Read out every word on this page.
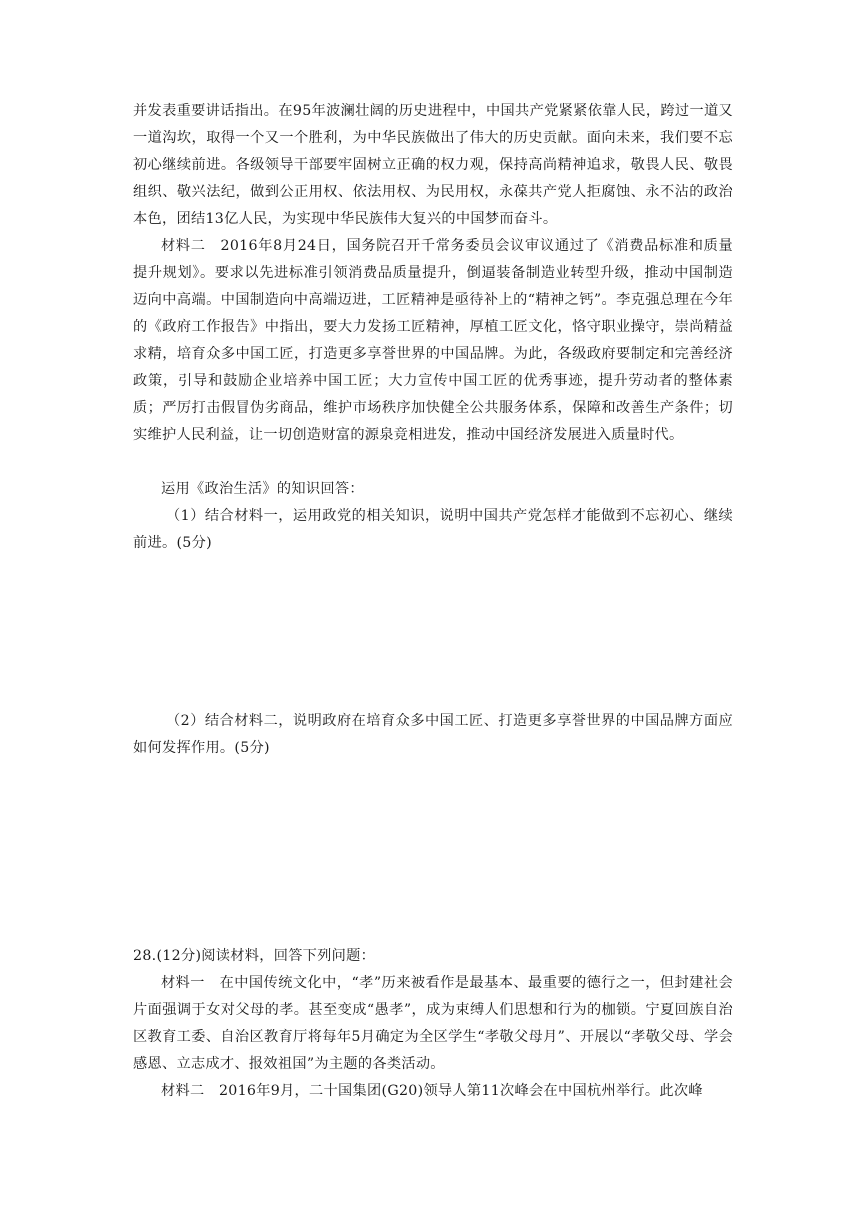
并发表重要讲话指出。在95年波澜壮阔的历史进程中，中国共产党紧紧依靠人民，跨过一道又一道沟坎，取得一个又一个胜利，为中华民族做出了伟大的历史贡献。面向未来，我们要不忘初心继续前进。各级领导干部要牢固树立正确的权力观，保持高尚精神追求，敬畏人民、敬畏组织、敬兴法纪，做到公正用权、依法用权、为民用权，永葆共产党人拒腐蚀、永不沾的政治本色，团结13亿人民，为实现中华民族伟大复兴的中国梦而奋斗。

材料二　2016年8月24日，国务院召开千常务委员会议审议通过了《消费品标准和质量提升规划》。要求以先进标准引领消费品质量提升，倒逼装备制造业转型升级，推动中国制造迈向中高端。中国制造向中高端迈进，工匠精神是亟待补上的“精神之钙”。李克强总理在今年的《政府工作报告》中指出，要大力发扬工匠精神，厚植工匠文化，恪守职业操守，崇尚精益求精，培育众多中国工匠，打造更多享誉世界的中国品牌。为此，各级政府要制定和完善经济政策，引导和鼓励企业培养中国工匠；大力宣传中国工匠的优秀事迹，提升劳动者的整体素质；严厉打击假冒伪劣商品，维护市场秩序加快健全公共服务体系，保障和改善生产条件；切实维护人民利益，让一切创造财富的源泉竞相进发，推动中国经济发展进入质量时代。

运用《政治生活》的知识回答：

（1）结合材料一，运用政党的相关知识，说明中国共产党怎样才能做到不忘初心、继续前进。(5分)

（2）结合材料二，说明政府在培育众多中国工匠、打造更多享誉世界的中国品牌方面应如何发挥作用。(5分)

28.(12分)阅读材料，回答下列问题：

材料一　在中国传统文化中，“孝”历来被看作是最基本、最重要的德行之一，但封建社会片面强调于女对父母的孝。甚至变成“愚孝”，成为束缚人们思想和行为的枷锁。宁夏回族自治区教育工委、自治区教育厅将每年5月确定为全区学生“孝敬父母月”、开展以“孝敬父母、学会感恩、立志成才、报效祖国”为主题的各类活动。

材料二　2016年9月，二十国集团(G20)领导人第11次峰会在中国杭州举行。此次峰
